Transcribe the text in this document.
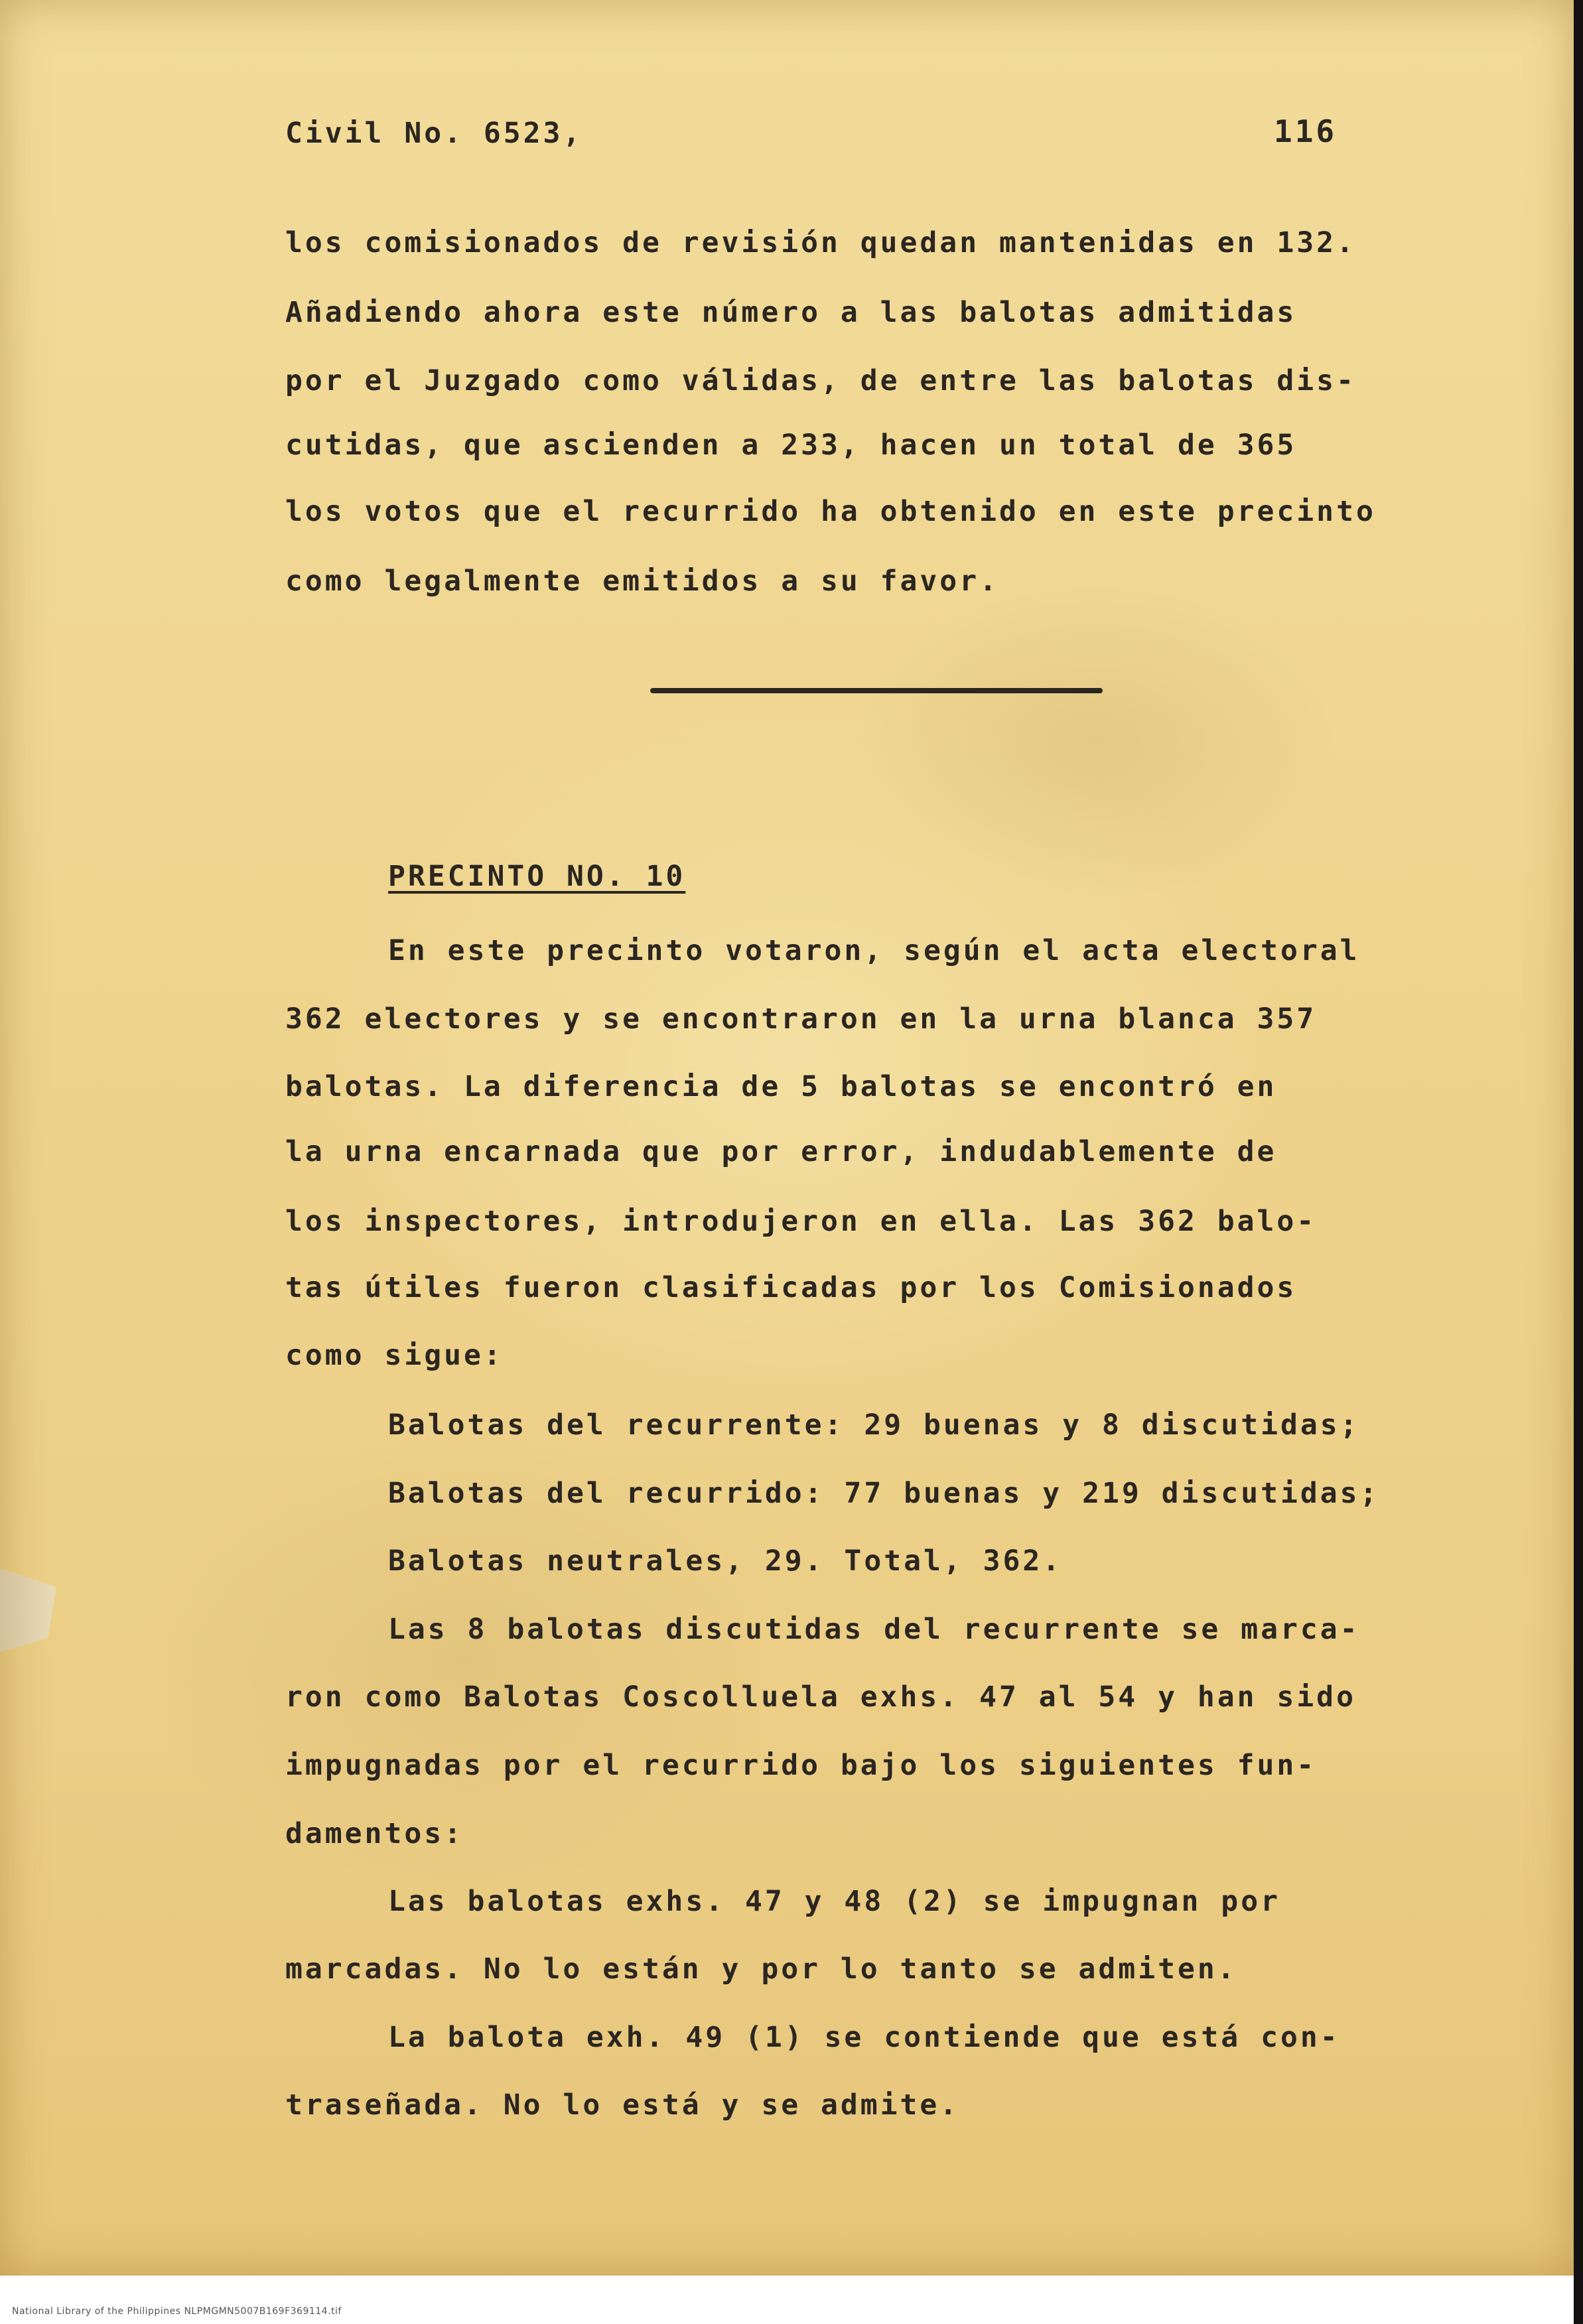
Civil No. 6523,	116
los comisionados de revisión quedan mantenidas en 132.
Añadiendo ahora este número a las balotas admitidas
por el Juzgado como válidas, de entre las balotas dis-
cutidas, que ascienden a 233, hacen un total de 365
los votos que el recurrido ha obtenido en este precinto
como legalmente emitidos a su favor.
PRECINTO NO. 10
En este precinto votaron, según el acta electoral
362 electores y se encontraron en la urna blanca 357
balotas. La diferencia de 5 balotas se encontró en
la urna encarnada que por error, indudablemente de
los inspectores, introdujeron en ella. Las 362 balo-
tas útiles fueron clasificadas por los Comisionados
como sigue:
Balotas del recurrente: 29 buenas y 8 discutidas;
Balotas del recurrido: 77 buenas y 219 discutidas;
Balotas neutrales, 29. Total, 362.
Las 8 balotas discutidas del recurrente se marca-
ron como Balotas Coscolluela exhs. 47 al 54 y han sido
impugnadas por el recurrido bajo los siguientes fun-
damentos:
Las balotas exhs. 47 y 48 (2) se impugnan por
marcadas. No lo están y por lo tanto se admiten.
La balota exh. 49 (1) se contiende que está con-
traseñada. No lo está y se admite.
National Library of the Philippines NLPMGMN5007B169F369114.tif
